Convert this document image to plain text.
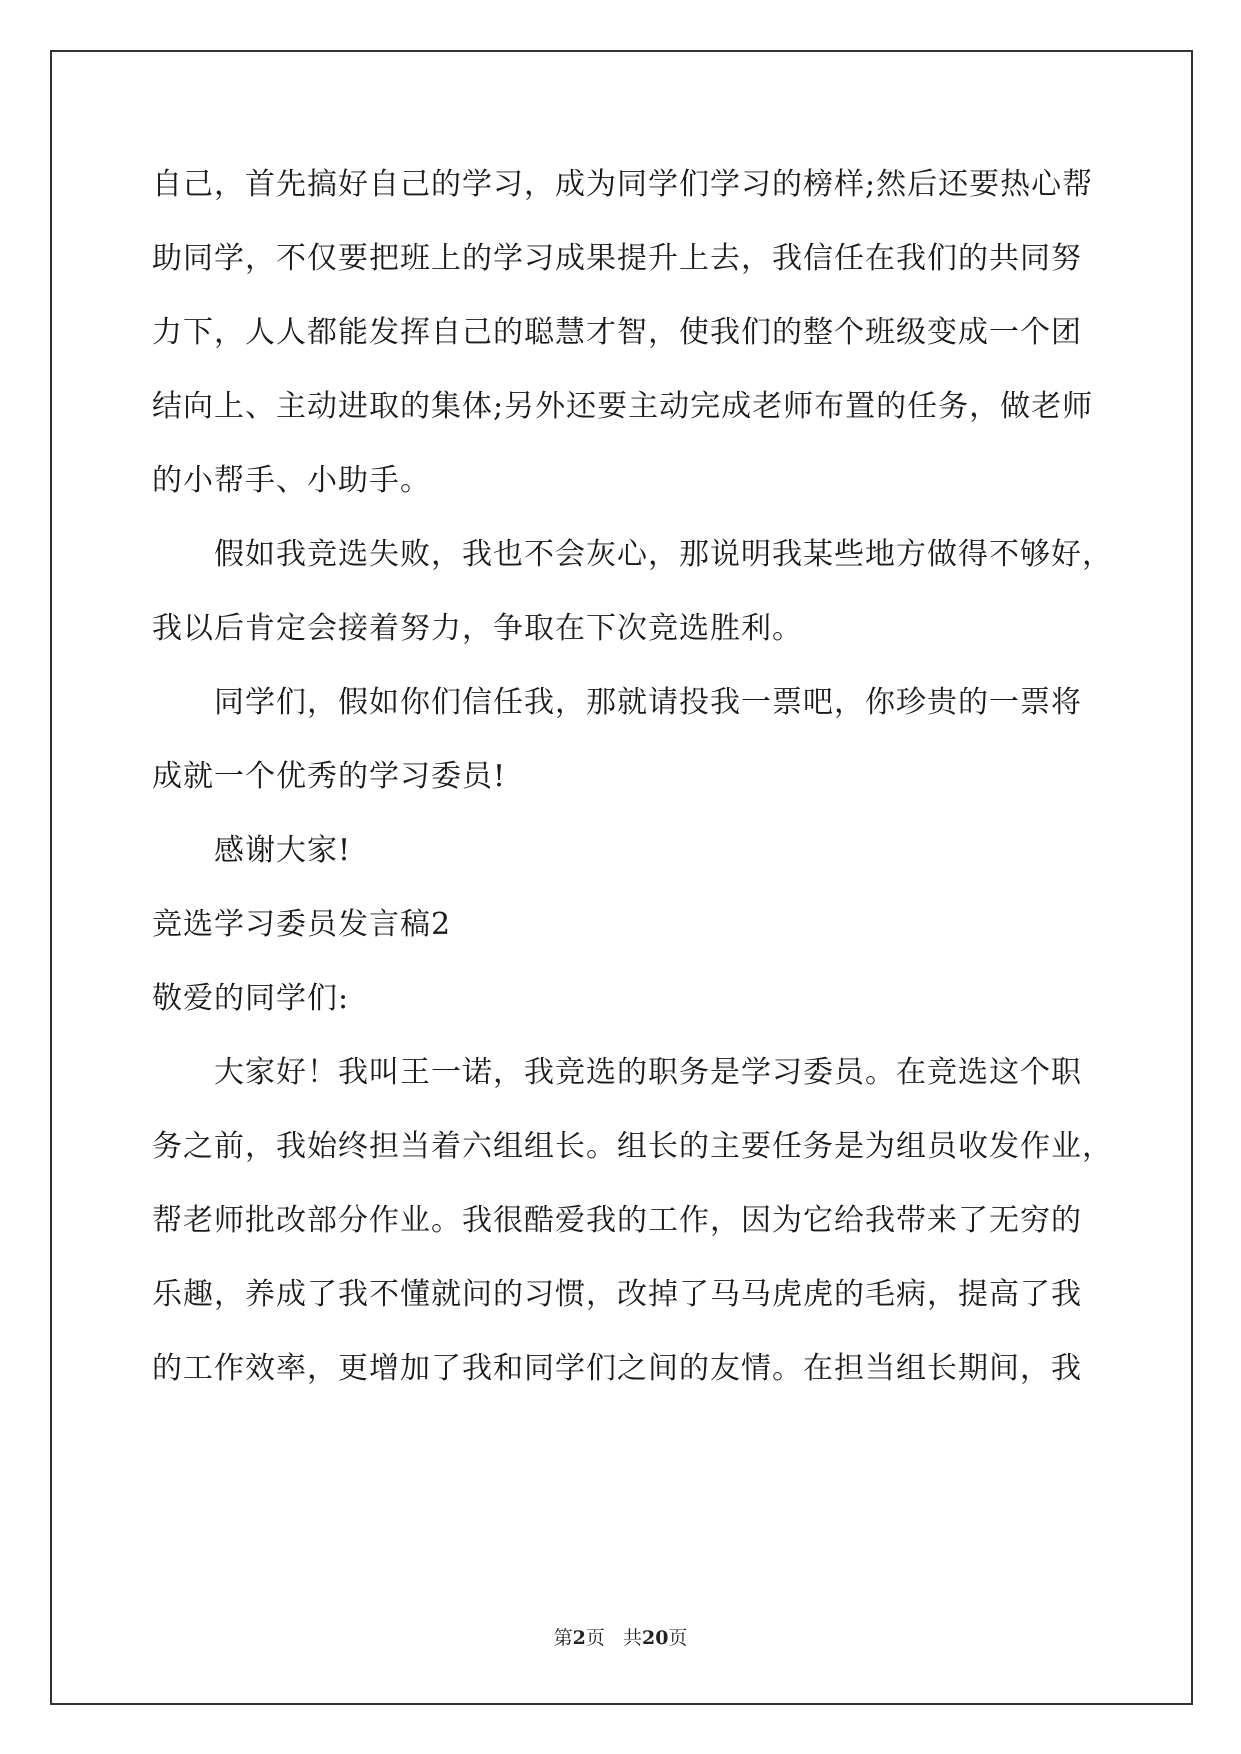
自己，首先搞好自己的学习，成为同学们学习的榜样;然后还要热心帮
助同学，不仅要把班上的学习成果提升上去，我信任在我们的共同努
力下，人人都能发挥自己的聪慧才智，使我们的整个班级变成一个团
结向上、主动进取的集体;另外还要主动完成老师布置的任务，做老师
的小帮手、小助手。
假如我竞选失败，我也不会灰心，那说明我某些地方做得不够好，
我以后肯定会接着努力，争取在下次竞选胜利。
同学们，假如你们信任我，那就请投我一票吧，你珍贵的一票将
成就一个优秀的学习委员!
感谢大家!
竞选学习委员发言稿2
敬爱的同学们:
大家好！我叫王一诺，我竞选的职务是学习委员。在竞选这个职
务之前，我始终担当着六组组长。组长的主要任务是为组员收发作业，
帮老师批改部分作业。我很酷爱我的工作，因为它给我带来了无穷的
乐趣，养成了我不懂就问的习惯，改掉了马马虎虎的毛病，提高了我
的工作效率，更增加了我和同学们之间的友情。在担当组长期间，我
第2页 共20页
